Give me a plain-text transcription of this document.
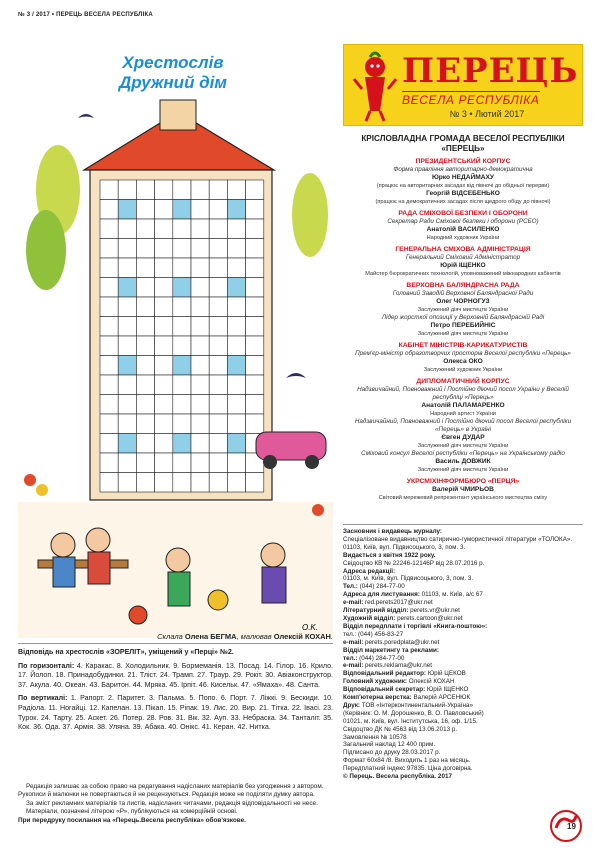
№ 3 / 2017 • ПЕРЕЦЬ ВЕСЕЛА РЕСПУБЛІКА
Хрестослів
Дружний дім
O.K.
Склала Олена БЕГМА, малював Олексій КОХАН.

Відповідь на хрестослів «ЗОРЕЛІТ», уміщений у «Перці» №2.

По горизонталі: 4. Каракас. 8. Холодильник. 9. Бормеманія. 13. Посад. 14. Гілор. 16. Крило. 17. Йолоп. 18. Принадобудинки. 21. Тліст. 24. Трамп. 27. Траур. 29. Рокіт. 30. Авіаконструктор. 37. Акула. 40. Океан. 43. Баритон. 44. Мряка. 45. Ірпіт. 46. Кисельк. 47. «Ямаха». 48. Санта.

По вертикалі: 1. Рапорт. 2. Паритет. 3. Пальма. 5. Попо. 6. Порт. 7. Ліжкі. 9. Бескиди. 10. Радіола. 11. Ногайці. 12. Капелан. 13. Пікап. 15. Ріпак. 19. Лис. 20. Вир. 21. Тітка. 22. Івасі. 23. Турок. 24. Тарту. 25. Аскет. 26. Потер. 28. Ров. 31. Вік. 32. Ауп. 33. Небраска. 34. Танталіт. 35. Кок. 36. Ода. 37. Армія. 38. Уляна. 39. Абака. 40. Онікс. 41. Керан. 42. Нитка.

Редакція залишає за собою право на редагування надісланих матеріалів без узгодження з автором. Рукописи й малюнки не повертаються й не рецензуються. Редакція може не поділяти думку автора.

За зміст рекламних матеріалів та листів, надісланих читачами, редакція відповідальності не несе.

Матеріали, позначені літерою «Р», публікуються на комерційній основі.

При передруку посилання на «Перець.Весела республіка» обов'язкове.

ПЕРЕЦЬ
ВЕСЕЛА РЕСПУБЛІКА
№ 3 • Лютий 2017
КРІСЛОВЛАДНА ГРОМАДА ВЕСЕЛОЇ РЕСПУБЛІКИ «ПЕРЕЦЬ»
ПРЕЗИДЕНТСЬКИЙ КОРПУС
Форма правління авторитарно-демократична
Юрко НЕДАЙМАХУ
(працює на авторитарних засадах від півночі до обідньої перерви)
Георгій ВІДСЕБЕНЬКО
(працює на демократичних засадах після щедрого обіду до півночі)
РАДА СМІХОВОЇ БЕЗПЕКИ І ОБОРОНИ
Секретар Ради Сміхової безпеки і оборони (РСБО)
Анатолій ВАСИЛЕНКО
Народний художник України
ГЕНЕРАЛЬНА СМІХОВА АДМІНІСТРАЦІЯ
Генеральний Сміховий Адміністратор
Юрій ІЩЕНКО
Майстер бюрократичних технологій, уповноважений міжнародних кабінетів
ВЕРХОВНА БАЛЯНДРАСНА РАДА
Головний Заводій Верховної Баляндрасної Ради
Олег ЧОРНОГУЗ
Заслужений діяч мистецтв України
Лідер жорсткої опозиції у Верховній Баляндрасній Раді
Петро ПЕРЕБИЙНІС
Заслужений діяч мистецтв України
КАБІНЕТ МІНІСТРІВ-КАРИКАТУРИСТІВ
Прем'єр-міністр образотворчих просторів Веселої республіки «Перець»
Олекса ОКО
Заслужений художник України
ДИПЛОМАТИЧНИЙ КОРПУС
Надзвичайний, Повноважний і Постійно діючий посол України у Веселій республіці «Перець»
Анатолій ПАЛАМАРЕНКО
Народний артист України
Надзвичайний, Повноважний і Постійно діючий посол Веселої республіки «Перець» в Україні
Євген ДУДАР
Заслужений діяч мистецтв України
Сміховий консул Веселої республіки «Перець» на Українському радіо
Василь ДОВЖИК
Заслужений діяч мистецтв України
УКРСМІХІНФОРМБЮРО «ПЕРЦЯ»
Валерій ЧМИРЬОВ
Світовий мережевий репрезентант українського мистецтва сміху
Засновник і видавець журналу:
Спеціалізоване видавництво сатирично-гумористичної літератури «ТОЛОКА».
01103, Київ, вул. Підвисоцького, 3, пом. 3.
Видається з квітня 1922 року.
Свідоцтво КВ № 22246-12146Р від 28.07.2016 р.
Адреса редакції:
01103, м. Київ, вул. Підвисоцького, 3, пом. 3.
Тел.: (044) 284-77-00
Адреса для листування: 01103, м. Київ, а/с 67
e-mail: red.perets2017@ukr.net
Літературний відділ: perets.vr@ukr.net
Художній відділ: perets.cartoon@ukr.net
Відділ передплати і торгівлі «Книга-поштою»:
тел.: (044) 456-83-27
e-mail: perets.poredplata@ukr.net
Відділ маркетингу та реклами:
тел.: (044) 284-77-00
e-mail: perets.reklama@ukr.net
Відповідальний редактор: Юрій ЦЕКОВ
Головний художник: Олексій КОХАН
Відповідальний секретар: Юрій ІЩЕНКО
Комп'ютерна верстка: Валерій АРСЕНЮК
Друк: ТОВ «Інтерконтинентальний-Україна»
(Керівник: О. М. Дорошенко, В. О. Павловський)
01021, м. Київ, вул. Інститутська, 16, оф. 1/15.
Свідоцтво ДК № 4563 від 13.06.2013 р.
Замовлення № 10578
Загальний наклад 12 400 прим.
Підписано до друку 28.03.2017 р.
Формат 60х84 /8. Виходить 1 раз на місяць.
Передплатний індекс 97835. Ціна договірна.
© Перець. Весела республіка. 2017
19
